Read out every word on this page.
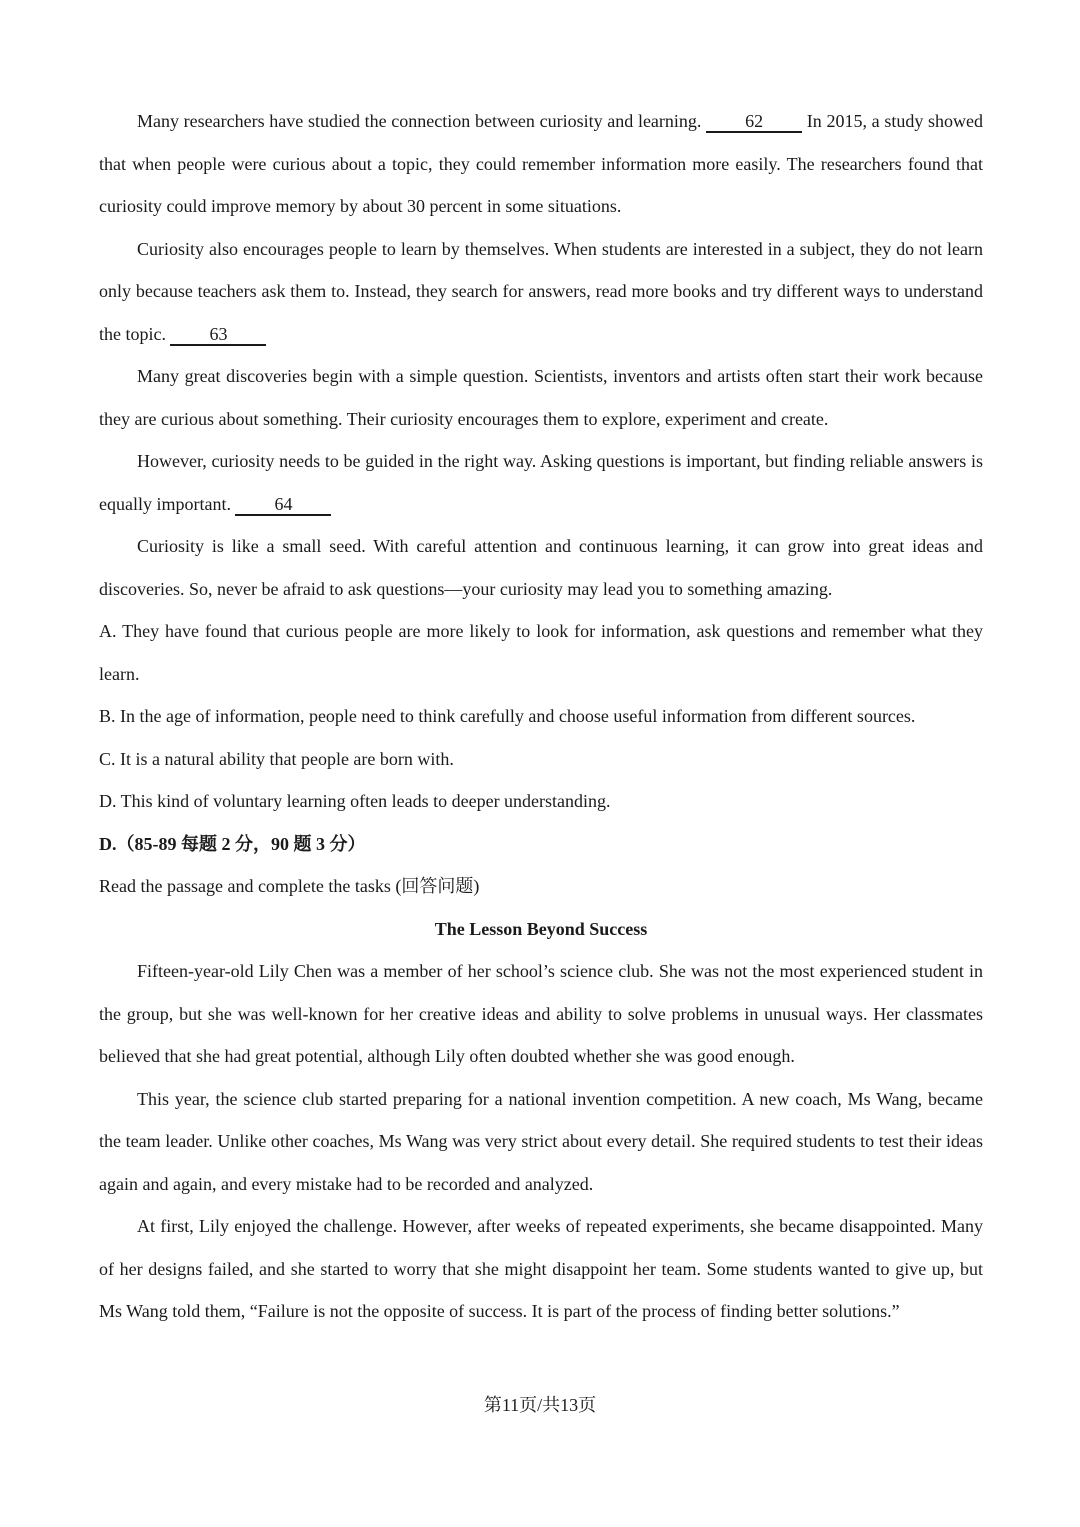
Many researchers have studied the connection between curiosity and learning. 62 In 2015, a study showed that when people were curious about a topic, they could remember information more easily. The researchers found that curiosity could improve memory by about 30 percent in some situations.

Curiosity also encourages people to learn by themselves. When students are interested in a subject, they do not learn only because teachers ask them to. Instead, they search for answers, read more books and try different ways to understand the topic. 63

Many great discoveries begin with a simple question. Scientists, inventors and artists often start their work because they are curious about something. Their curiosity encourages them to explore, experiment and create.

However, curiosity needs to be guided in the right way. Asking questions is important, but finding reliable answers is equally important. 64

Curiosity is like a small seed. With careful attention and continuous learning, it can grow into great ideas and discoveries. So, never be afraid to ask questions—your curiosity may lead you to something amazing.

A. They have found that curious people are more likely to look for information, ask questions and remember what they learn.

B. In the age of information, people need to think carefully and choose useful information from different sources.

C. It is a natural ability that people are born with.

D. This kind of voluntary learning often leads to deeper understanding.

D.（85-89 每题 2 分，90 题 3 分）

Read the passage and complete the tasks (回答问题)

The Lesson Beyond Success

Fifteen-year-old Lily Chen was a member of her school’s science club. She was not the most experienced student in the group, but she was well-known for her creative ideas and ability to solve problems in unusual ways. Her classmates believed that she had great potential, although Lily often doubted whether she was good enough.

This year, the science club started preparing for a national invention competition. A new coach, Ms Wang, became the team leader. Unlike other coaches, Ms Wang was very strict about every detail. She required students to test their ideas again and again, and every mistake had to be recorded and analyzed.

At first, Lily enjoyed the challenge. However, after weeks of repeated experiments, she became disappointed. Many of her designs failed, and she started to worry that she might disappoint her team. Some students wanted to give up, but Ms Wang told them, “Failure is not the opposite of success. It is part of the process of finding better solutions.”

第11页/共13页
